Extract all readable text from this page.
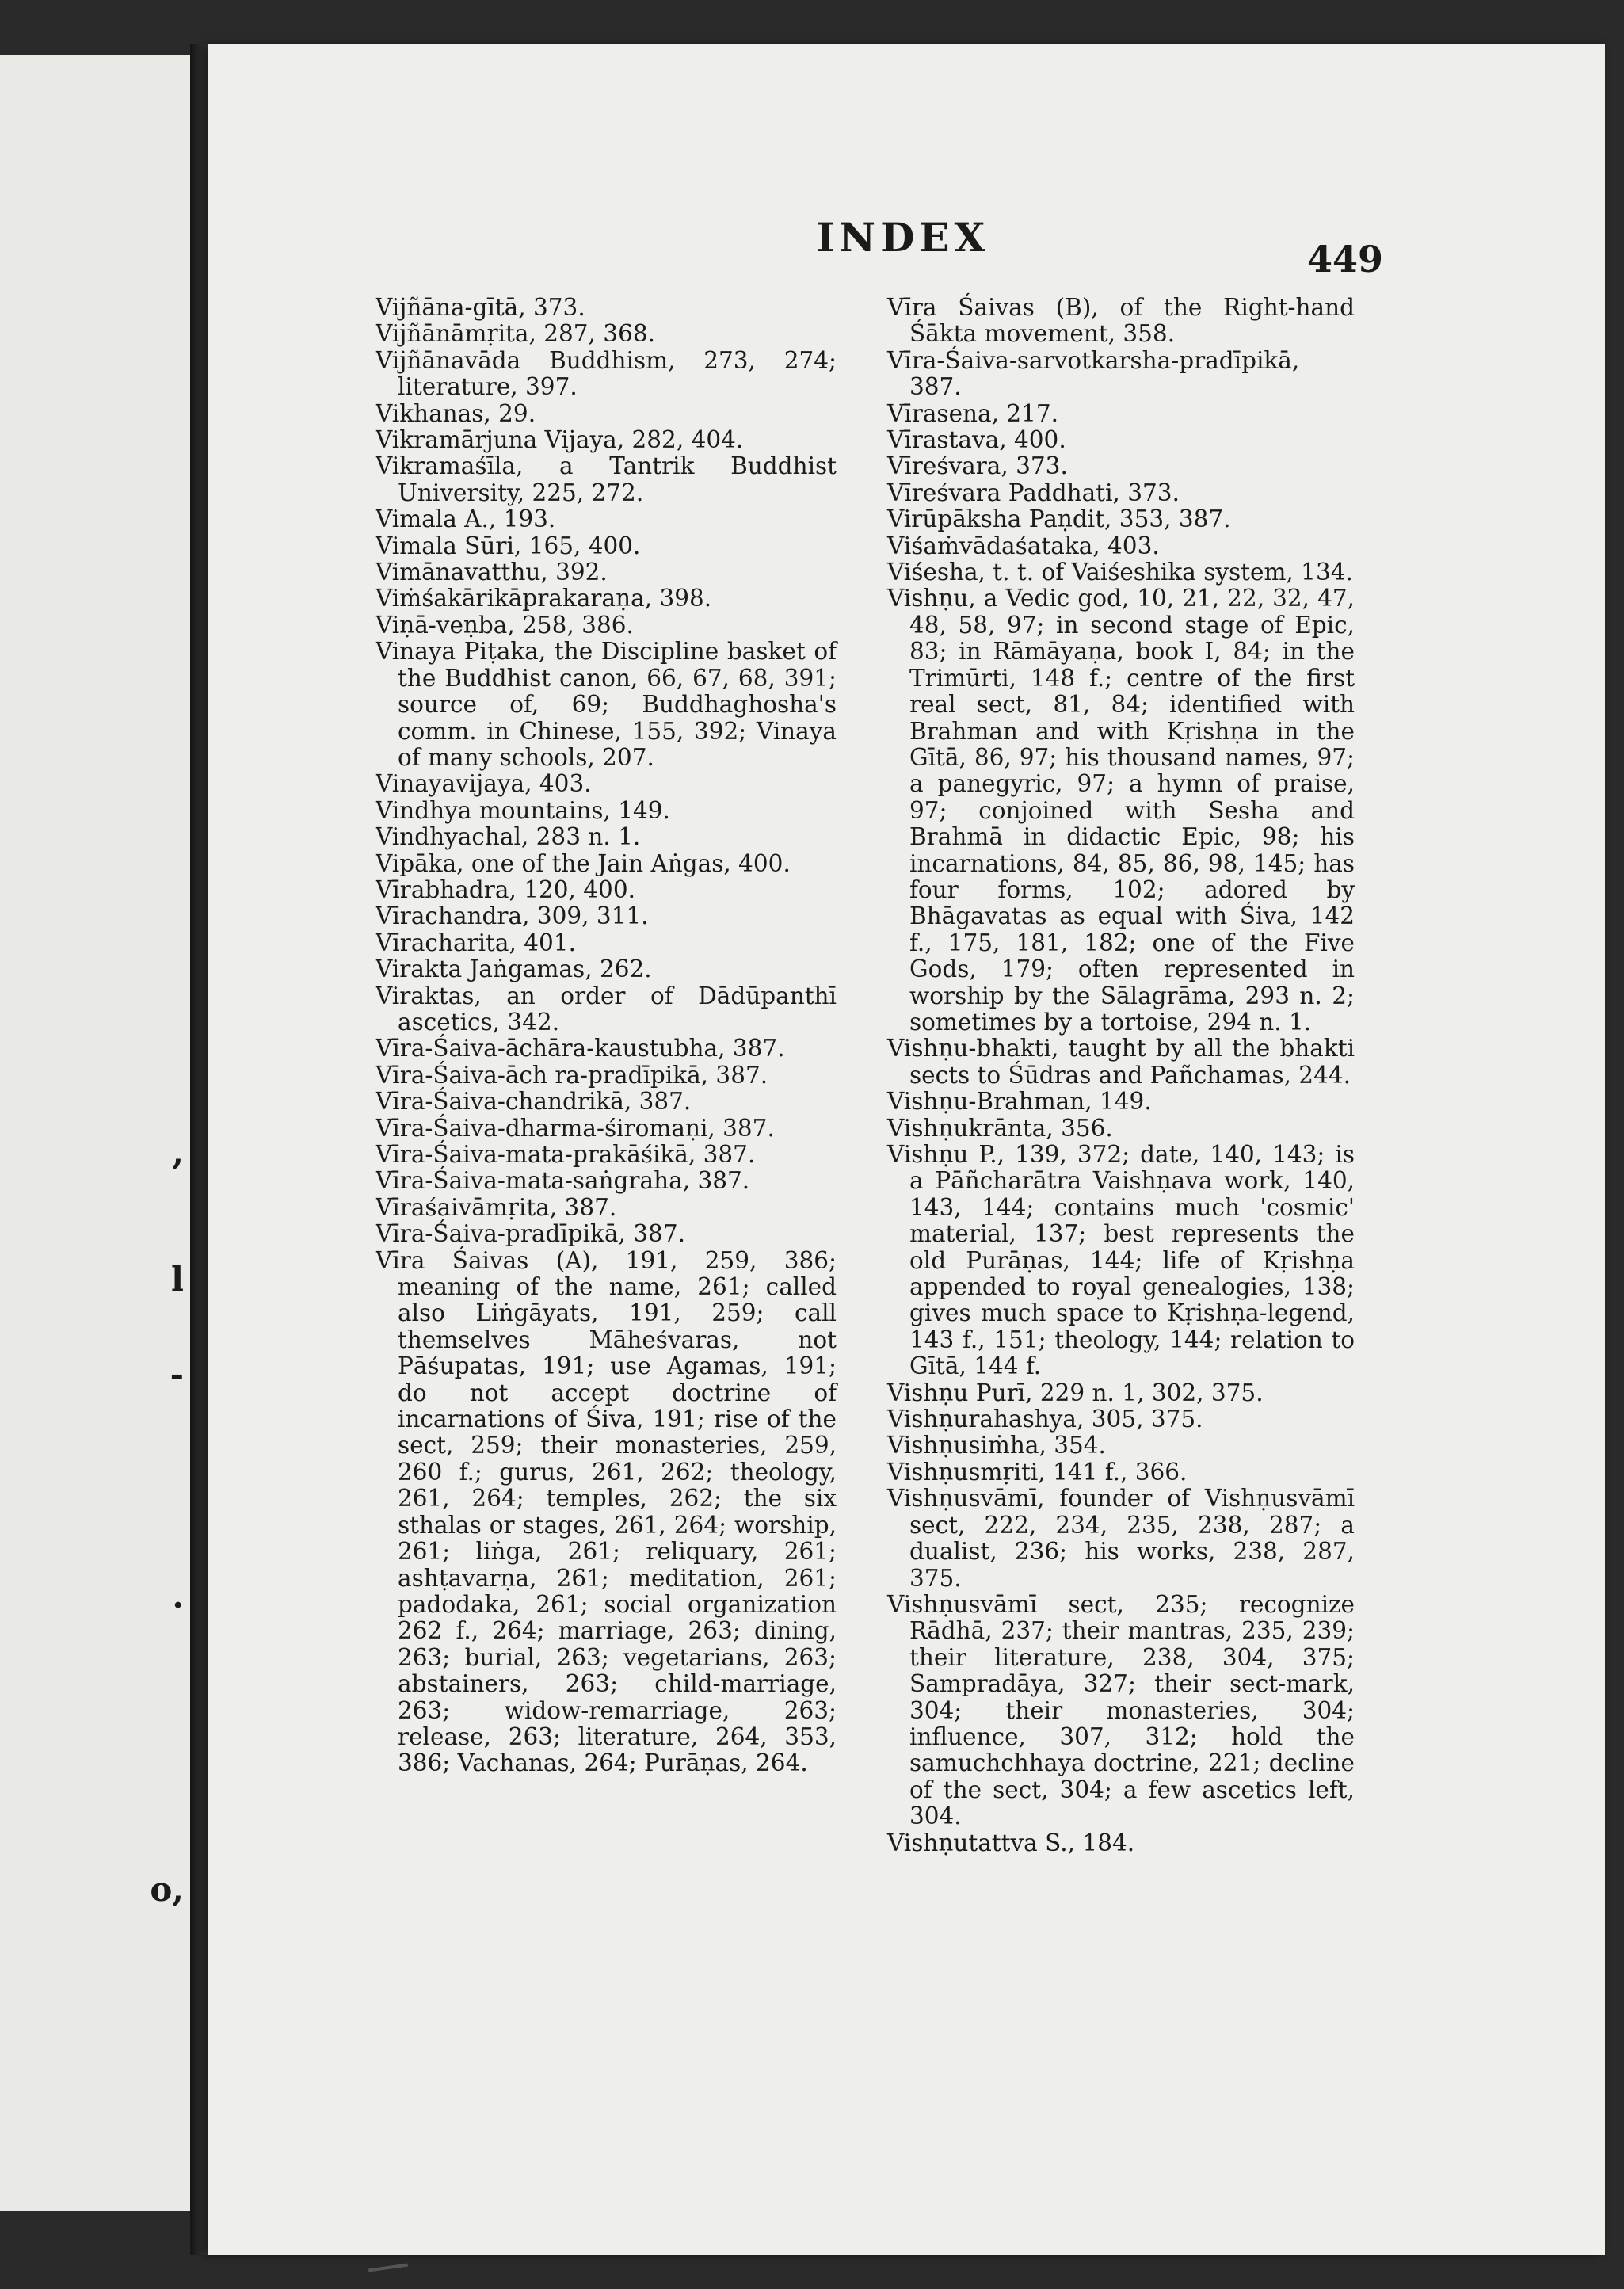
,
l
-
.
o,
INDEX	449

Vijñāna-gītā, 373.

Vijñānāmṛita, 287, 368.

Vijñānavāda Buddhism, 273, 274; literature, 397.

Vikhanas, 29.

Vikramārjuna Vijaya, 282, 404.

Vikramaśīla, a Tantrik Buddhist University, 225, 272.

Vimala A., 193.

Vimala Sūri, 165, 400.

Vimānavatthu, 392.

Viṁśakārikāprakaraṇa, 398.

Viṇā-veṇba, 258, 386.

Vinaya Piṭaka, the Discipline basket of the Buddhist canon, 66, 67, 68, 391; source of, 69; Buddhaghosha's comm. in Chinese, 155, 392; Vinaya of many schools, 207.

Vinayavijaya, 403.

Vindhya mountains, 149.

Vindhyachal, 283 n. 1.

Vipāka, one of the Jain Aṅgas, 400.

Vīrabhadra, 120, 400.

Vīrachandra, 309, 311.

Vīracharita, 401.

Virakta Jaṅgamas, 262.

Viraktas, an order of Dādūpanthī ascetics, 342.

Vīra-Śaiva-āchāra-kaustubha, 387.

Vīra-Śaiva-āch ra-pradīpikā, 387.

Vīra-Śaiva-chandrikā, 387.

Vīra-Śaiva-dharma-śiromaṇi, 387.

Vīra-Śaiva-mata-prakāśikā, 387.

Vīra-Śaiva-mata-saṅgraha, 387.

Vīraśaivāmṛita, 387.

Vīra-Śaiva-pradīpikā, 387.

Vīra Śaivas (A), 191, 259, 386; meaning of the name, 261; called also Liṅgāyats, 191, 259; call themselves Māheśvaras, not Pāśupatas, 191; use Agamas, 191; do not accept doctrine of incarnations of Śiva, 191; rise of the sect, 259; their monasteries, 259, 260 f.; gurus, 261, 262; theology, 261, 264; temples, 262; the six sthalas or stages, 261, 264; worship, 261; liṅga, 261; reliquary, 261; ashṭavarṇa, 261; meditation, 261; padodaka, 261; social organization 262 f., 264; marriage, 263; dining, 263; burial, 263; vegetarians, 263; abstainers, 263; child-marriage, 263; widow-remarriage, 263; release, 263; literature, 264, 353, 386; Vachanas, 264; Purāṇas, 264.

Vīra Śaivas (B), of the Right-hand Śākta movement, 358.

Vīra-Śaiva-sarvotkarsha-pradīpikā, 387.

Vīrasena, 217.

Vīrastava, 400.

Vīreśvara, 373.

Vīreśvara Paddhati, 373.

Virūpāksha Paṇdit, 353, 387.

Viśaṁvādaśataka, 403.

Viśesha, t. t. of Vaiśeshika system, 134.

Vishṇu, a Vedic god, 10, 21, 22, 32, 47, 48, 58, 97; in second stage of Epic, 83; in Rāmāyaṇa, book I, 84; in the Trimūrti, 148 f.; centre of the first real sect, 81, 84; identified with Brahman and with Kṛishṇa in the Gītā, 86, 97; his thousand names, 97; a panegyric, 97; a hymn of praise, 97; conjoined with Sesha and Brahmā in didactic Epic, 98; his incarnations, 84, 85, 86, 98, 145; has four forms, 102; adored by Bhāgavatas as equal with Śiva, 142 f., 175, 181, 182; one of the Five Gods, 179; often represented in worship by the Sālagrāma, 293 n. 2; sometimes by a tortoise, 294 n. 1.

Vishṇu-bhakti, taught by all the bhakti sects to Śūdras and Pañchamas, 244.

Vishṇu-Brahman, 149.

Vishṇukrānta, 356.

Vishṇu P., 139, 372; date, 140, 143; is a Pāñcharātra Vaishṇava work, 140, 143, 144; contains much 'cosmic' material, 137; best represents the old Purāṇas, 144; life of Kṛishṇa appended to royal genealogies, 138; gives much space to Kṛishṇa-legend, 143 f., 151; theology, 144; relation to Gītā, 144 f.

Vishṇu Purī, 229 n. 1, 302, 375.

Vishṇurahashya, 305, 375.

Vishṇusiṁha, 354.

Vishṇusmṛiti, 141 f., 366.

Vishṇusvāmī, founder of Vishṇusvāmī sect, 222, 234, 235, 238, 287; a dualist, 236; his works, 238, 287, 375.

Vishṇusvāmī sect, 235; recognize Rādhā, 237; their mantras, 235, 239; their literature, 238, 304, 375; Sampradāya, 327; their sect-mark, 304; their monasteries, 304; influence, 307, 312; hold the samuchchhaya doctrine, 221; decline of the sect, 304; a few ascetics left, 304.

Vishṇutattva S., 184.
